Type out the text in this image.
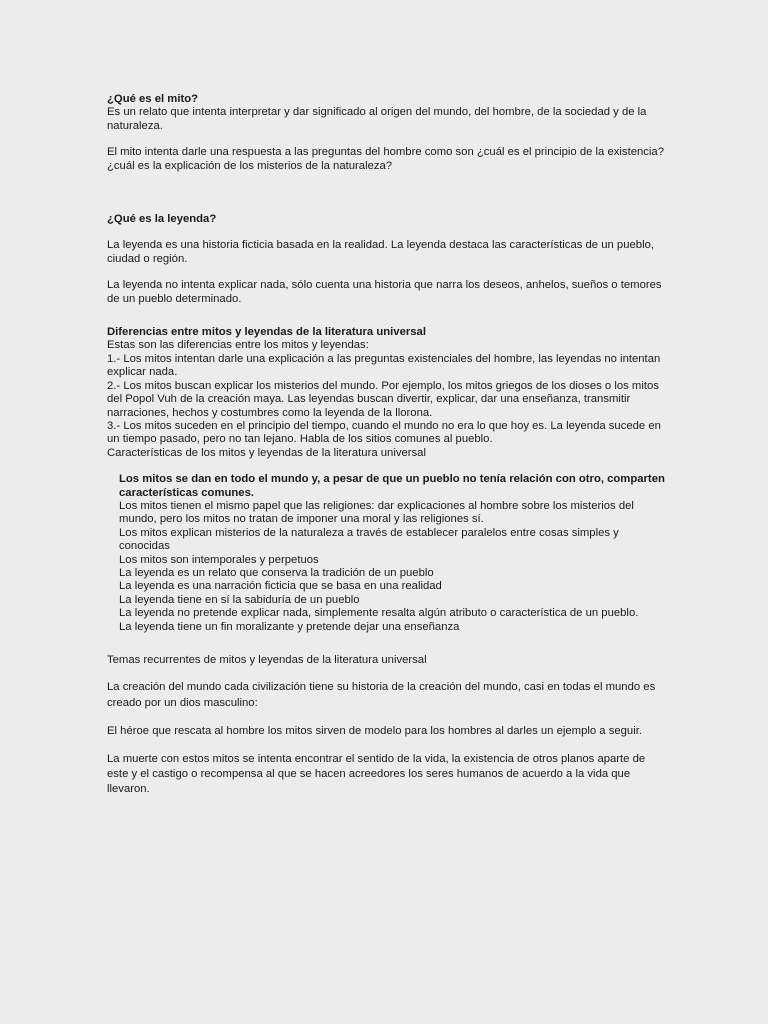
¿Qué es el mito?

Es un relato que intenta interpretar y dar significado al origen del mundo, del hombre, de la sociedad y de la naturaleza.

El mito intenta darle una respuesta a las preguntas del hombre como son ¿cuál es el principio de la existencia? ¿cuál es la explicación de los misterios de la naturaleza?

¿Qué es la leyenda?

La leyenda es una historia ficticia basada en la realidad. La leyenda destaca las características de un pueblo, ciudad o región.

La leyenda no intenta explicar nada, sólo cuenta una historia que narra los deseos, anhelos, sueños o temores de un pueblo determinado.

Diferencias entre mitos y leyendas de la literatura universal

Estas son las diferencias entre los mitos y leyendas:

1.- Los mitos intentan darle una explicación a las preguntas existenciales del hombre, las leyendas no intentan explicar nada.

2.- Los mitos buscan explicar los misterios del mundo. Por ejemplo, los mitos griegos de los dioses o los mitos del Popol Vuh de la creación maya. Las leyendas buscan divertir, explicar, dar una enseñanza, transmitir narraciones, hechos y costumbres como la leyenda de la llorona.

3.- Los mitos suceden en el principio del tiempo, cuando el mundo no era lo que hoy es. La leyenda sucede en un tiempo pasado, pero no tan lejano. Habla de los sitios comunes al pueblo.

Características de los mitos y leyendas de la literatura universal

Los mitos se dan en todo el mundo y, a pesar de que un pueblo no tenía relación con otro, comparten características comunes.

Los mitos tienen el mismo papel que las religiones: dar explicaciones al hombre sobre los misterios del mundo, pero los mitos no tratan de imponer una moral y las religiones sí.

Los mitos explican misterios de la naturaleza a través de establecer paralelos entre cosas simples y conocidas

Los mitos son intemporales y perpetuos

La leyenda es un relato que conserva la tradición de un pueblo

La leyenda es una narración ficticia que se basa en una realidad

La leyenda tiene en sí la sabiduría de un pueblo

La leyenda no pretende explicar nada, simplemente resalta algún atributo o característica de un pueblo.

La leyenda tiene un fin moralizante y pretende dejar una enseñanza

Temas recurrentes de mitos y leyendas de la literatura universal

La creación del mundo cada civilización tiene su historia de la creación del mundo, casi en todas el mundo es creado por un dios masculino:

El héroe que rescata al hombre los mitos sirven de modelo para los hombres al darles un ejemplo a seguir.

La muerte con estos mitos se intenta encontrar el sentido de la vida, la existencia de otros planos aparte de este y el castigo o recompensa al que se hacen acreedores los seres humanos de acuerdo a la vida que llevaron.
